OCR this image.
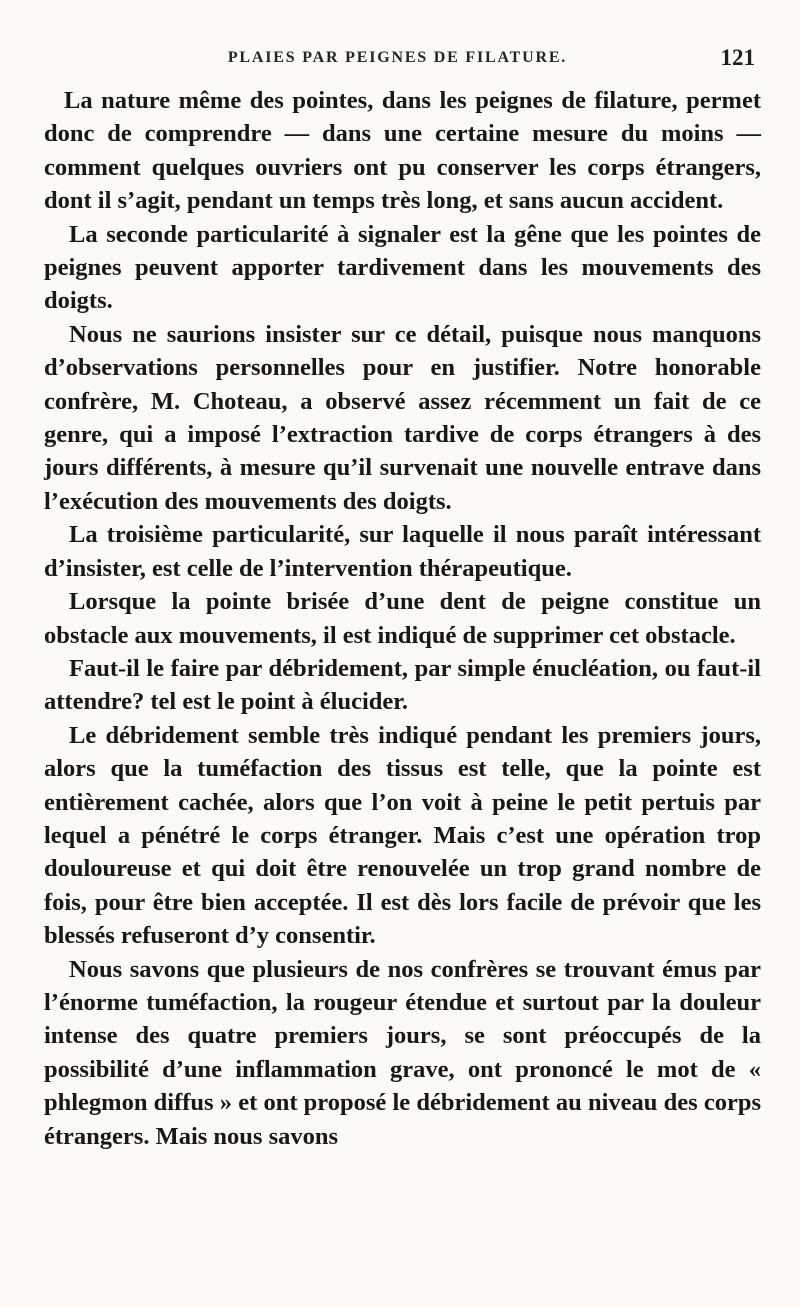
PLAIES PAR PEIGNES DE FILATURE.	121

La nature même des pointes, dans les peignes de filature, permet donc de comprendre — dans une certaine mesure du moins — comment quelques ouvriers ont pu conserver les corps étrangers, dont il s’agit, pendant un temps très long, et sans aucun accident.

La seconde particularité à signaler est la gêne que les pointes de peignes peuvent apporter tardivement dans les mouvements des doigts.

Nous ne saurions insister sur ce détail, puisque nous manquons d’observations personnelles pour en justifier. Notre honorable confrère, M. Choteau, a observé assez récemment un fait de ce genre, qui a imposé l’extraction tardive de corps étrangers à des jours différents, à mesure qu’il survenait une nouvelle entrave dans l’exécution des mouvements des doigts.

La troisième particularité, sur laquelle il nous paraît intéressant d’insister, est celle de l’intervention thérapeutique.

Lorsque la pointe brisée d’une dent de peigne constitue un obstacle aux mouvements, il est indiqué de supprimer cet obstacle.

Faut-il le faire par débridement, par simple énucléation, ou faut-il attendre? tel est le point à élucider.

Le débridement semble très indiqué pendant les premiers jours, alors que la tuméfaction des tissus est telle, que la pointe est entièrement cachée, alors que l’on voit à peine le petit pertuis par lequel a pénétré le corps étranger. Mais c’est une opération trop douloureuse et qui doit être renouvelée un trop grand nombre de fois, pour être bien acceptée. Il est dès lors facile de prévoir que les blessés refuseront d’y consentir.

Nous savons que plusieurs de nos confrères se trouvant émus par l’énorme tuméfaction, la rougeur étendue et surtout par la douleur intense des quatre premiers jours, se sont préoccupés de la possibilité d’une inflammation grave, ont prononcé le mot de « phlegmon diffus » et ont proposé le débridement au niveau des corps étrangers. Mais nous savons
